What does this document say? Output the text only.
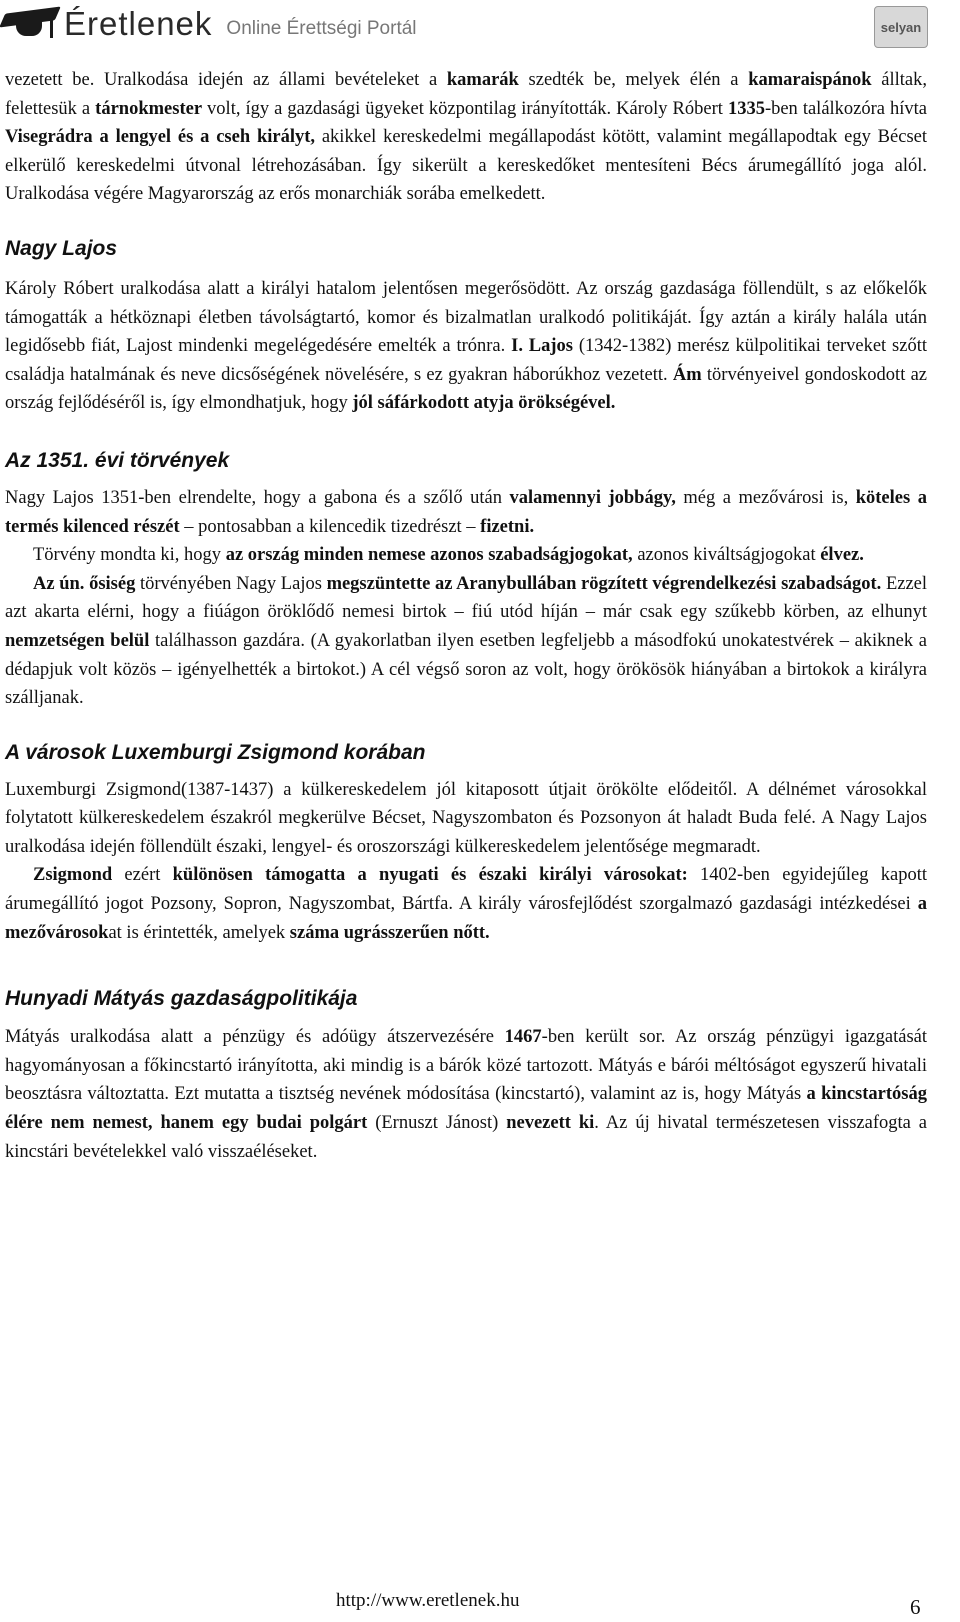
Éretlenek Online Érettségi Portál	selyan

vezetett be. Uralkodása idején az állami bevételeket a kamarák szedték be, melyek élén a kamaraispánok álltak, felettesük a tárnokmester volt, így a gazdasági ügyeket központilag irányították. Károly Róbert 1335-ben találkozóra hívta Visegrádra a lengyel és a cseh királyt, akikkel kereskedelmi megállapodást kötött, valamint megállapodtak egy Bécset elkerülő kereskedelmi útvonal létrehozásában. Így sikerült a kereskedőket mentesíteni Bécs árumegállító joga alól. Uralkodása végére Magyarország az erős monarchiák sorába emelkedett.

Nagy Lajos

Károly Róbert uralkodása alatt a királyi hatalom jelentősen megerősödött. Az ország gazdasága föllendült, s az előkelők támogatták a hétköznapi életben távolságtartó, komor és bizalmatlan uralkodó politikáját. Így aztán a király halála után legidősebb fiát, Lajost mindenki megelégedésére emelték a trónra. I. Lajos (1342-1382) merész külpolitikai terveket szőtt családja hatalmának és neve dicsőségének növelésére, s ez gyakran háborúkhoz vezetett. Ám törvényeivel gondoskodott az ország fejlődéséről is, így elmondhatjuk, hogy jól sáfárkodott atyja örökségével.

Az 1351. évi törvények

Nagy Lajos 1351-ben elrendelte, hogy a gabona és a szőlő után valamennyi jobbágy, még a mezővárosi is, köteles a termés kilenced részét – pontosabban a kilencedik tizedrészt – fizetni.

Törvény mondta ki, hogy az ország minden nemese azonos szabadságjogokat, azonos kiváltságjogokat élvez.

Az ún. ősiség törvényében Nagy Lajos megszüntette az Aranybullában rögzített végrendelkezési szabadságot. Ezzel azt akarta elérni, hogy a fiúágon öröklődő nemesi birtok – fiú utód híján – már csak egy szűkebb körben, az elhunyt nemzetségen belül találhasson gazdára. (A gyakorlatban ilyen esetben legfeljebb a másodfokú unokatestvérek – akiknek a dédapjuk volt közös – igényelhették a birtokot.) A cél végső soron az volt, hogy örökösök hiányában a birtokok a királyra szálljanak.

A városok Luxemburgi Zsigmond korában

Luxemburgi Zsigmond(1387-1437) a külkereskedelem jól kitaposott útjait örökölte elődeitől. A délnémet városokkal folytatott külkereskedelem északról megkerülve Bécset, Nagyszombaton és Pozsonyon át haladt Buda felé. A Nagy Lajos uralkodása idején föllendült északi, lengyel- és oroszországi külkereskedelem jelentősége megmaradt.

Zsigmond ezért különösen támogatta a nyugati és északi királyi városokat: 1402-ben egyidejűleg kapott árumegállító jogot Pozsony, Sopron, Nagyszombat, Bártfa. A király városfejlődést szorgalmazó gazdasági intézkedései a mezővárosokat is érintették, amelyek száma ugrásszerűen nőtt.

Hunyadi Mátyás gazdaságpolitikája

Mátyás uralkodása alatt a pénzügy és adóügy átszervezésére 1467-ben került sor. Az ország pénzügyi igazgatását hagyományosan a főkincstartó irányította, aki mindig is a bárók közé tartozott. Mátyás e bárói méltóságot egyszerű hivatali beosztásra változtatta. Ezt mutatta a tisztség nevének módosítása (kincstartó), valamint az is, hogy Mátyás a kincstartóság élére nem nemest, hanem egy budai polgárt (Ernuszt Jánost) nevezett ki. Az új hivatal természetesen visszafogta a kincstári bevételekkel való visszaéléseket.

http://www.eretlenek.hu	6
